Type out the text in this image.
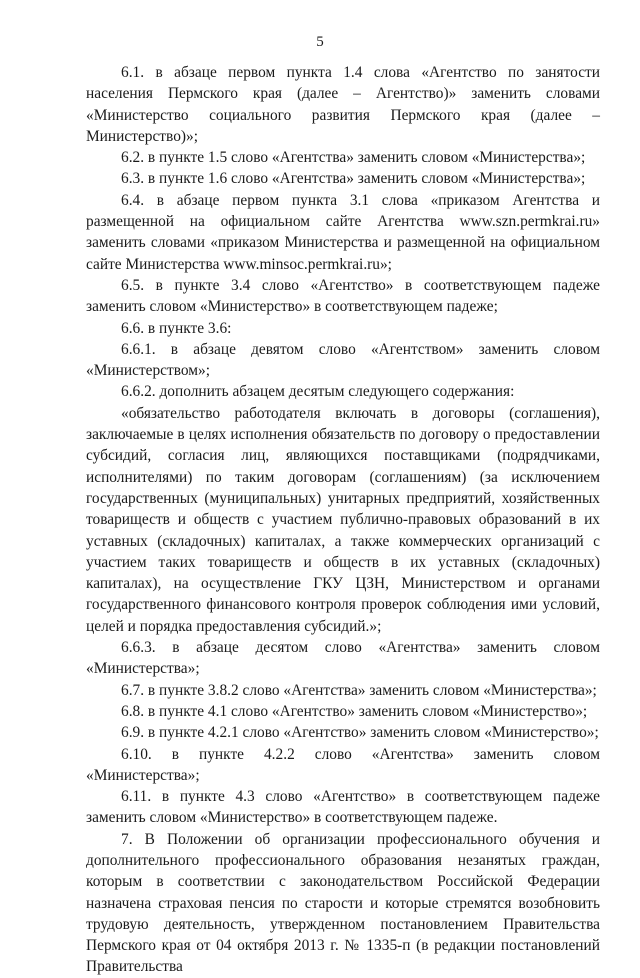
5

6.1. в абзаце первом пункта 1.4 слова «Агентство по занятости населения Пермского края (далее – Агентство)» заменить словами «Министерство социального развития Пермского края (далее – Министерство)»;

6.2. в пункте 1.5 слово «Агентства» заменить словом «Министерства»;

6.3. в пункте 1.6 слово «Агентства» заменить словом «Министерства»;

6.4. в абзаце первом пункта 3.1 слова «приказом Агентства и размещенной на официальном сайте Агентства www.szn.permkrai.ru» заменить словами «приказом Министерства и размещенной на официальном сайте Министерства www.minsoc.permkrai.ru»;

6.5. в пункте 3.4 слово «Агентство» в соответствующем падеже заменить словом «Министерство» в соответствующем падеже;

6.6. в пункте 3.6:

6.6.1. в абзаце девятом слово «Агентством» заменить словом «Министерством»;

6.6.2. дополнить абзацем десятым следующего содержания:

«обязательство работодателя включать в договоры (соглашения), заключаемые в целях исполнения обязательств по договору о предоставлении субсидий, согласия лиц, являющихся поставщиками (подрядчиками, исполнителями) по таким договорам (соглашениям) (за исключением государственных (муниципальных) унитарных предприятий, хозяйственных товариществ и обществ с участием публично-правовых образований в их уставных (складочных) капиталах, а также коммерческих организаций с участием таких товариществ и обществ в их уставных (складочных) капиталах), на осуществление ГКУ ЦЗН, Министерством и органами государственного финансового контроля проверок соблюдения ими условий, целей и порядка предоставления субсидий.»;

6.6.3. в абзаце десятом слово «Агентства» заменить словом «Министерства»;

6.7. в пункте 3.8.2 слово «Агентства» заменить словом «Министерства»;

6.8. в пункте 4.1 слово «Агентство» заменить словом «Министерство»;

6.9. в пункте 4.2.1 слово «Агентство» заменить словом «Министерство»;

6.10. в пункте 4.2.2 слово «Агентства» заменить словом «Министерства»;

6.11. в пункте 4.3 слово «Агентство» в соответствующем падеже заменить словом «Министерство» в соответствующем падеже.

7. В Положении об организации профессионального обучения и дополнительного профессионального образования незанятых граждан, которым в соответствии с законодательством Российской Федерации назначена страховая пенсия по старости и которые стремятся возобновить трудовую деятельность, утвержденном постановлением Правительства Пермского края от 04 октября 2013 г. № 1335-п (в редакции постановлений Правительства
